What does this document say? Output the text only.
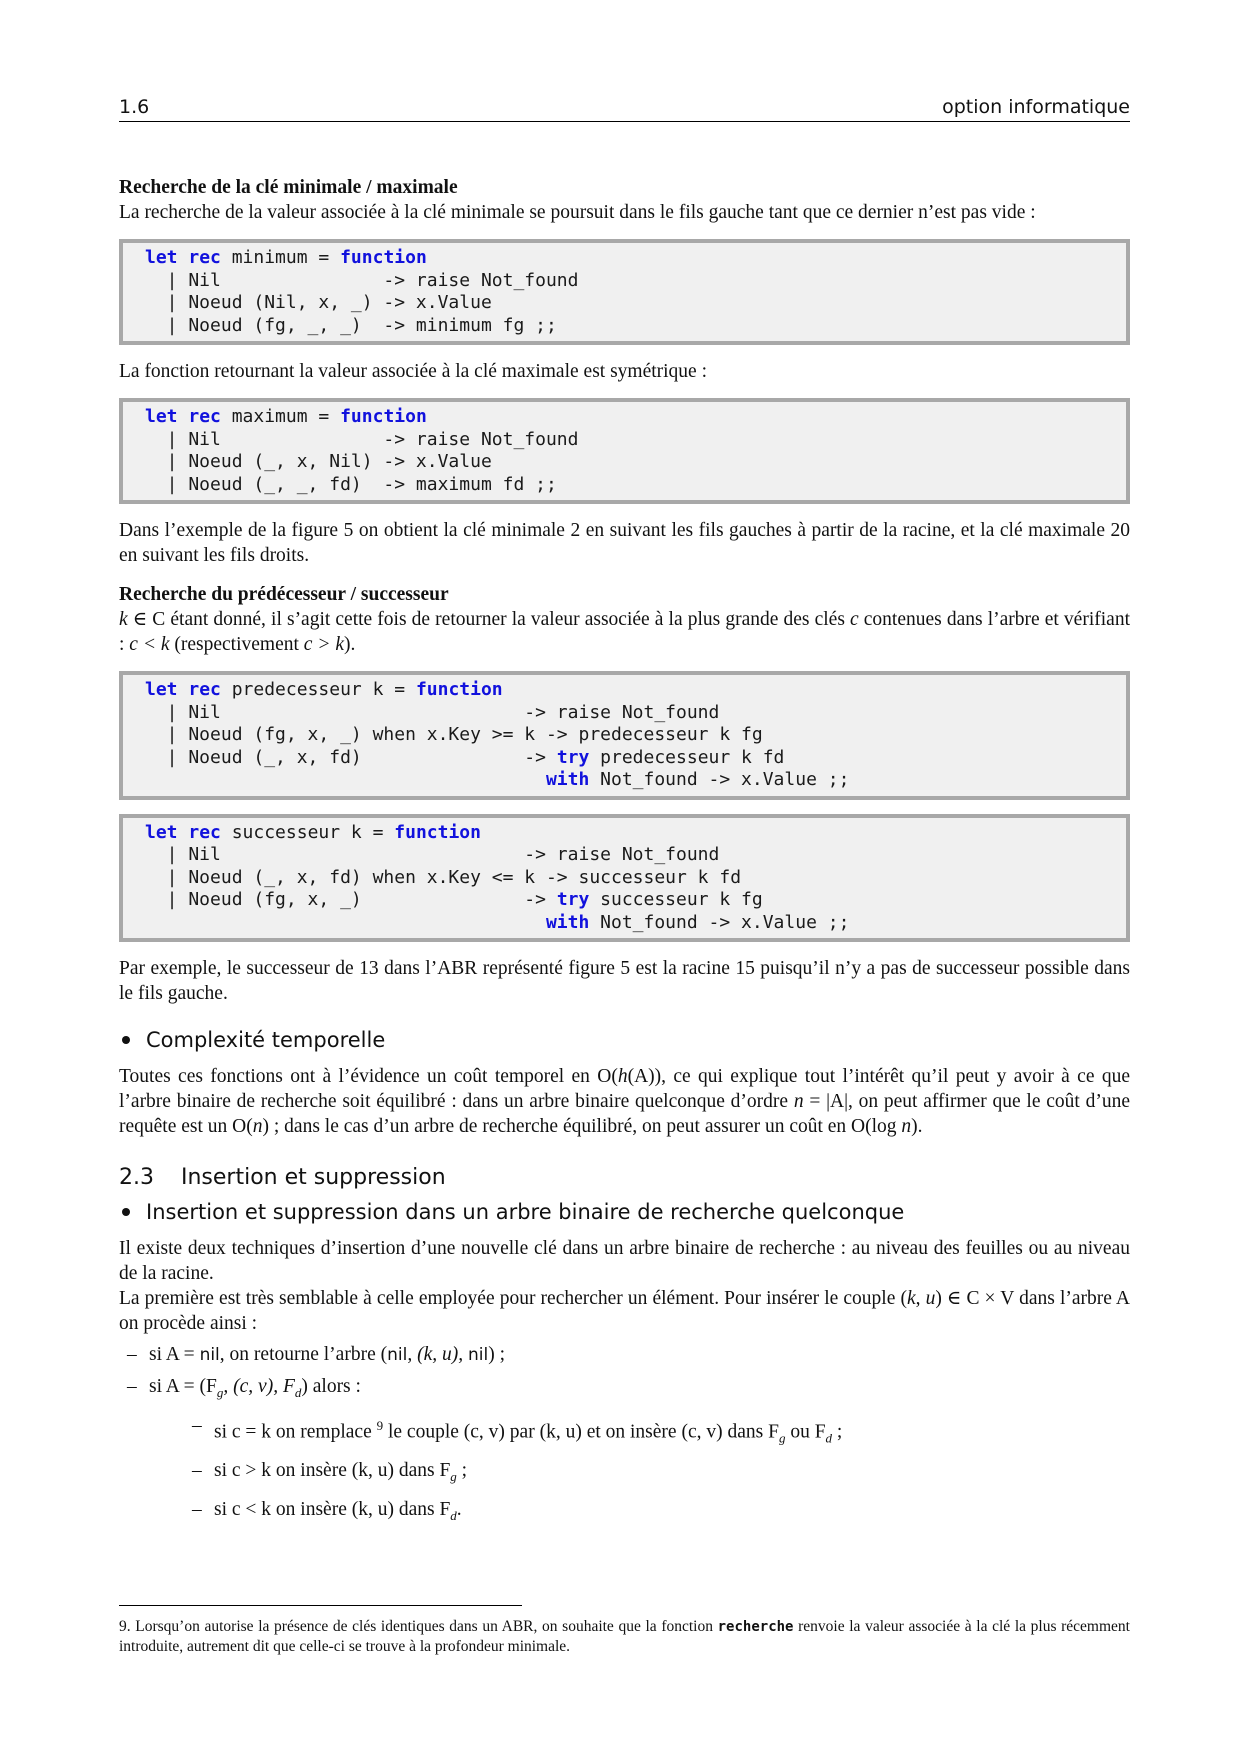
1.6	option informatique

Recherche de la clé minimale / maximale

La recherche de la valeur associée à la clé minimale se poursuit dans le fils gauche tant que ce dernier n’est pas vide :

let rec minimum = function
| Nil               -> raise Not_found
| Noeud (Nil, x, _) -> x.Value
| Noeud (fg, _, _)  -> minimum fg ;;

La fonction retournant la valeur associée à la clé maximale est symétrique :

let rec maximum = function
| Nil               -> raise Not_found
| Noeud (_, x, Nil) -> x.Value
| Noeud (_, _, fd)  -> maximum fd ;;

Dans l’exemple de la figure 5 on obtient la clé minimale 2 en suivant les fils gauches à partir de la racine, et la clé maximale 20 en suivant les fils droits.

Recherche du prédécesseur / successeur

k ∈ C étant donné, il s’agit cette fois de retourner la valeur associée à la plus grande des clés c contenues dans l’arbre et vérifiant : c < k (respectivement c > k).

let rec predecesseur k = function
| Nil                            -> raise Not_found
| Noeud (fg, x, _) when x.Key >= k -> predecesseur k fg
| Noeud (_, x, fd)               -> try predecesseur k fd
with Not_found -> x.Value ;;
let rec successeur k = function
| Nil                            -> raise Not_found
| Noeud (_, x, fd) when x.Key <= k -> successeur k fd
| Noeud (fg, x, _)               -> try successeur k fg
with Not_found -> x.Value ;;

Par exemple, le successeur de 13 dans l’ABR représenté figure 5 est la racine 15 puisqu’il n’y a pas de successeur possible dans le fils gauche.

Complexité temporelle

Toutes ces fonctions ont à l’évidence un coût temporel en O(h(A)), ce qui explique tout l’intérêt qu’il peut y avoir à ce que l’arbre binaire de recherche soit équilibré : dans un arbre binaire quelconque d’ordre n = |A|, on peut affirmer que le coût d’une requête est un O(n) ; dans le cas d’un arbre de recherche équilibré, on peut assurer un coût en O(log n).

2.3	Insertion et suppression
Insertion et suppression dans un arbre binaire de recherche quelconque

Il existe deux techniques d’insertion d’une nouvelle clé dans un arbre binaire de recherche : au niveau des feuilles ou au niveau de la racine.

La première est très semblable à celle employée pour rechercher un élément. Pour insérer le couple (k, u) ∈ C × V dans l’arbre A on procède ainsi :

– si A = nil, on retourne l’arbre (nil, (k, u), nil) ;
– si $A = (F_g$, (c, v), $F_d$) alors :
– si c = k on remplace $^9$ le couple (c, v) par (k, u) et on insère (c, v) dans $F_g$ ou $F_d$ ;
– si c > k on insère (k, u) dans $F_g$ ;
– si c < k on insère (k, u) dans $F_d$.

9. Lorsqu’on autorise la présence de clés identiques dans un ABR, on souhaite que la fonction recherche renvoie la valeur associée à la clé la plus récemment introduite, autrement dit que celle-ci se trouve à la profondeur minimale.
